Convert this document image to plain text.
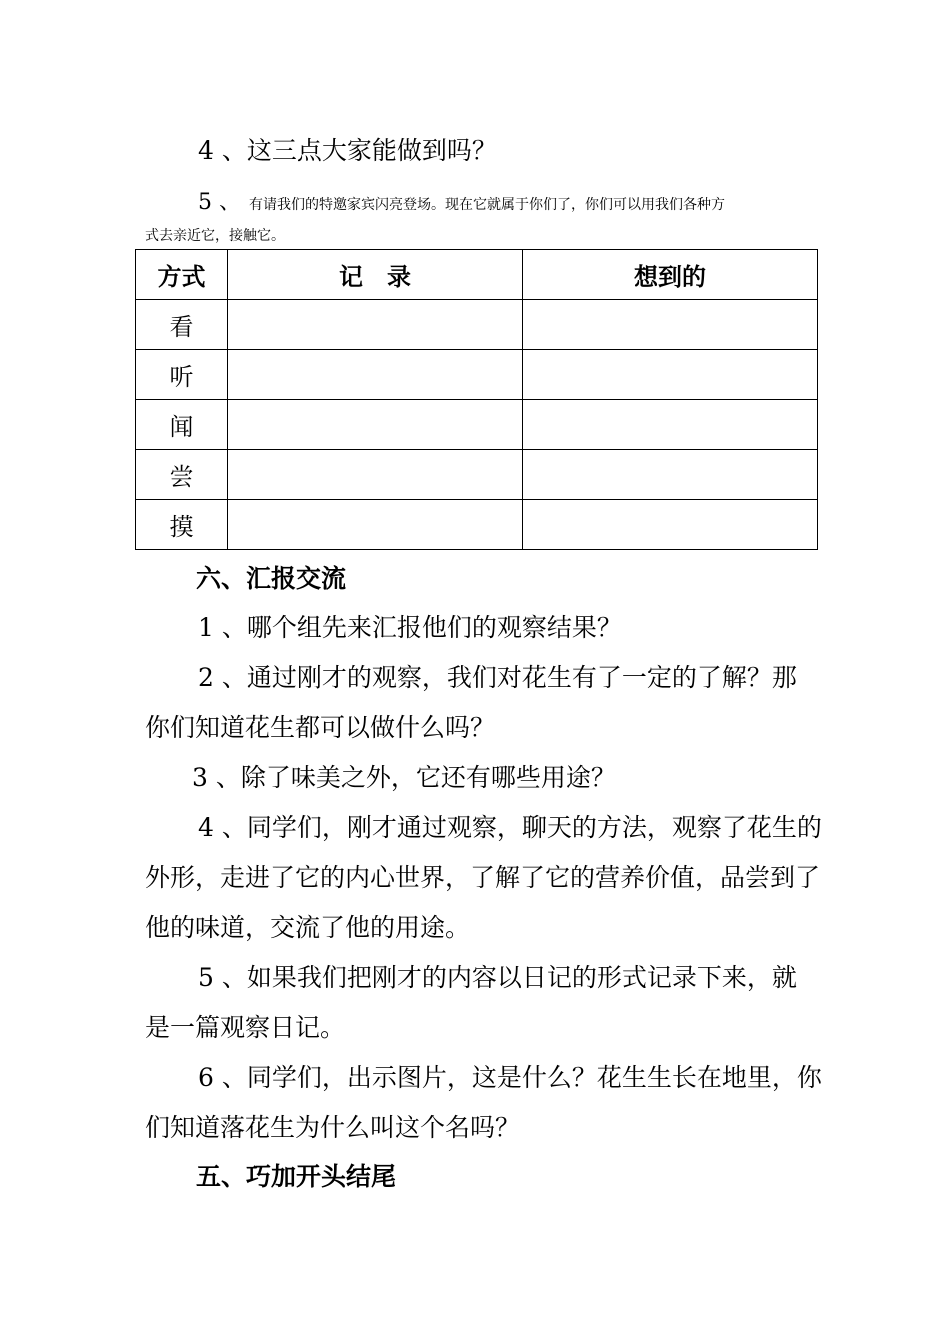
4 、这三点大家能做到吗？
5 、 有请我们的特邀家宾闪亮登场。现在它就属于你们了，你们可以用我们各种方
式去亲近它，接触它。
方式	记　录	想到的
看		
听		
闻		
尝		
摸		
六、汇报交流
1 、哪个组先来汇报他们的观察结果？
2 、通过刚才的观察，我们对花生有了一定的了解？那
你们知道花生都可以做什么吗？
3 、除了味美之外，它还有哪些用途？
4 、同学们，刚才通过观察，聊天的方法，观察了花生的
外形，走进了它的内心世界，了解了它的营养价值，品尝到了
他的味道，交流了他的用途。
5 、如果我们把刚才的内容以日记的形式记录下来，就
是一篇观察日记。
6 、同学们，出示图片，这是什么？花生生长在地里，你
们知道落花生为什么叫这个名吗？
五、巧加开头结尾
